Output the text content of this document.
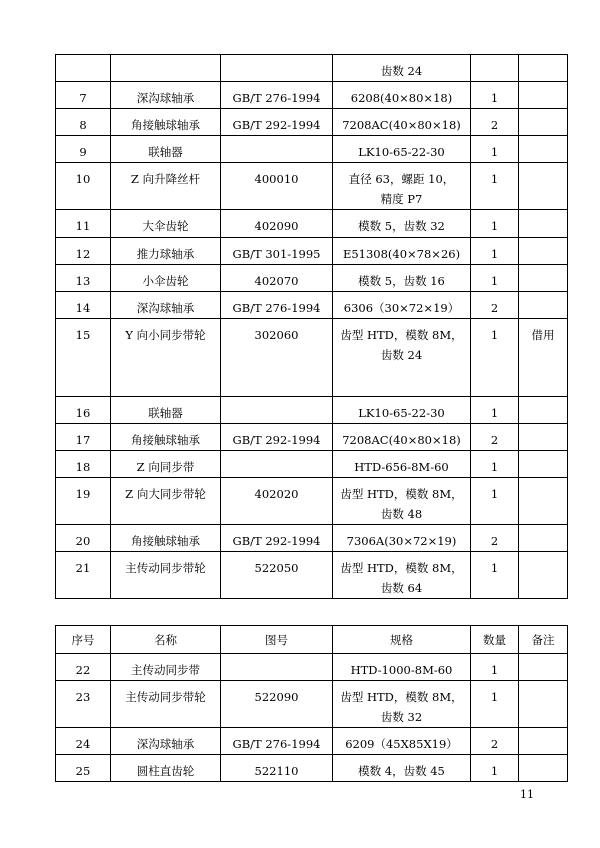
			齿数 24		

7	深沟球轴承	GB/T 276-1994	6208(40×80×18)	1	

8	角接触球轴承	GB/T 292-1994	7208AC(40×80×18)	2	

9	联轴器		LK10-65-22-30	1	

10	Z 向升降丝杆	400010	直径 63，螺距 10，
精度 P7	1	

11	大伞齿轮	402090	模数 5，齿数 32	1	

12	推力球轴承	GB/T 301-1995	E51308(40×78×26)	1	

13	小伞齿轮	402070	模数 5，齿数 16	1	

14	深沟球轴承	GB/T 276-1994	6306（30×72×19）	2	

15	Y 向小同步带轮	302060	齿型 HTD，模数 8M，
齿数 24	1	借用

16	联轴器		LK10-65-22-30	1	

17	角接触球轴承	GB/T 292-1994	7208AC(40×80×18)	2	

18	Z 向同步带		HTD-656-8M-60	1	

19	Z 向大同步带轮	402020	齿型 HTD，模数 8M，
齿数 48	1	

20	角接触球轴承	GB/T 292-1994	7306A(30×72×19)	2	

21	主传动同步带轮	522050	齿型 HTD，模数 8M，
齿数 64	1	

序号	名称	图号	规格	数量	备注

22	主传动同步带		HTD-1000-8M-60	1	

23	主传动同步带轮	522090	齿型 HTD，模数 8M，
齿数 32	1	

24	深沟球轴承	GB/T 276-1994	6209（45X85X19）	2	

25	圆柱直齿轮	522110	模数 4，齿数 45	1	

11
